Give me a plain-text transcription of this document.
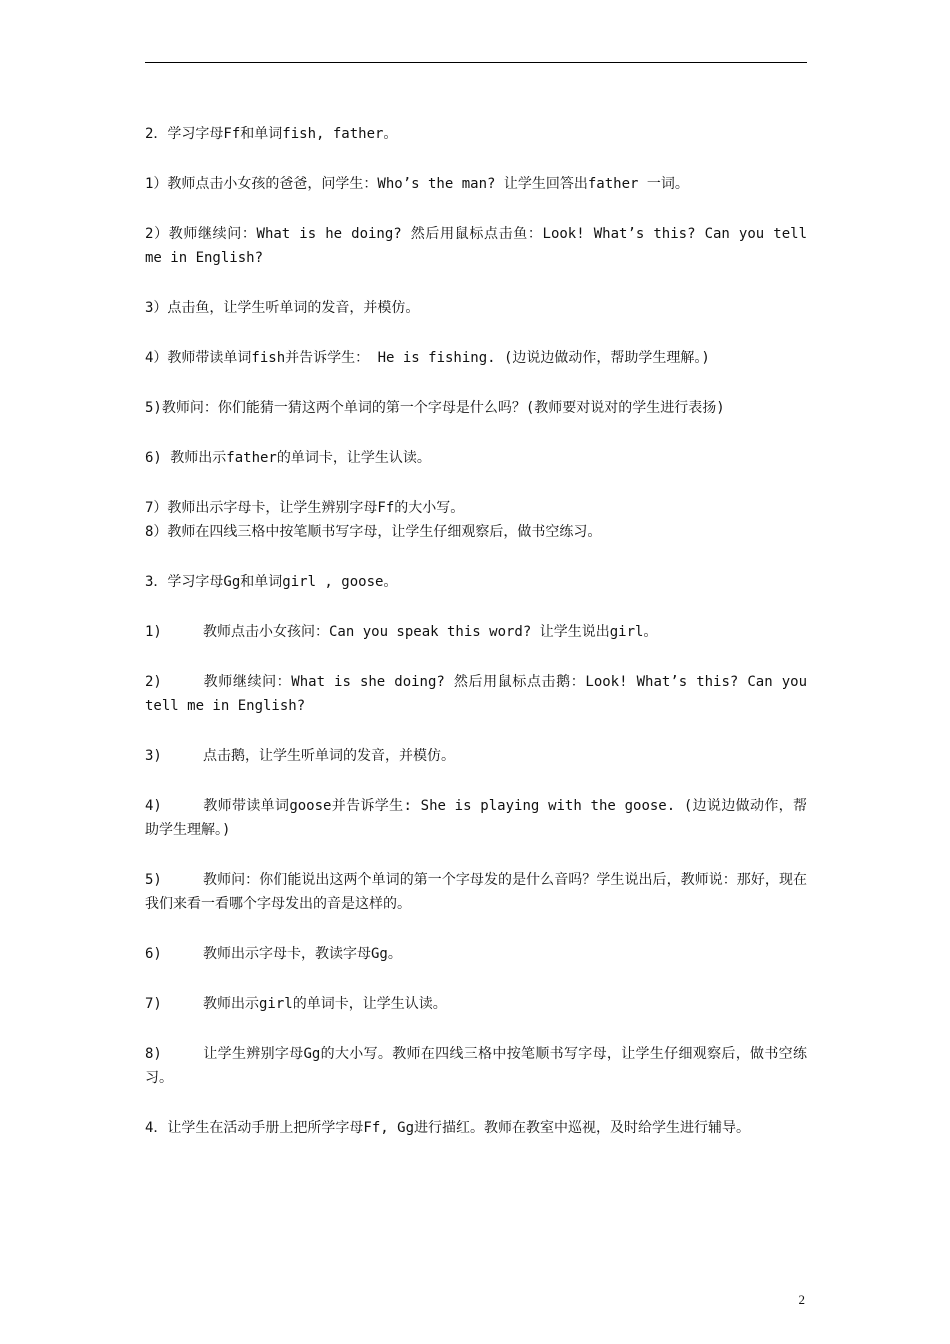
2．学习字母Ff和单词fish, father。

1）教师点击小女孩的爸爸，问学生：Who’s the man? 让学生回答出father 一词。

2）教师继续问：What is he doing? 然后用鼠标点击鱼：Look! What’s this? Can you tell me in English?

3）点击鱼，让学生听单词的发音，并模仿。

4）教师带读单词fish并告诉学生： He is fishing. (边说边做动作，帮助学生理解。)

5)教师问：你们能猜一猜这两个单词的第一个字母是什么吗？(教师要对说对的学生进行表扬)

6) 教师出示father的单词卡，让学生认读。

7）教师出示字母卡，让学生辨别字母Ff的大小写。

8）教师在四线三格中按笔顺书写字母，让学生仔细观察后，做书空练习。

3．学习字母Gg和单词girl , goose。

1)	教师点击小女孩问：Can you speak this word? 让学生说出girl。

2)	教师继续问：What is she doing? 然后用鼠标点击鹅：Look! What’s this? Can you tell me in English?

3)	点击鹅，让学生听单词的发音，并模仿。

4)	教师带读单词goose并告诉学生: She is playing with the goose. (边说边做动作，帮助学生理解。)

5)	教师问：你们能说出这两个单词的第一个字母发的是什么音吗？学生说出后，教师说：那好，现在我们来看一看哪个字母发出的音是这样的。

6)	教师出示字母卡，教读字母Gg。

7)	教师出示girl的单词卡，让学生认读。

8)	让学生辨别字母Gg的大小写。教师在四线三格中按笔顺书写字母，让学生仔细观察后，做书空练习。

4．让学生在活动手册上把所学字母Ff, Gg进行描红。教师在教室中巡视，及时给学生进行辅导。

2
